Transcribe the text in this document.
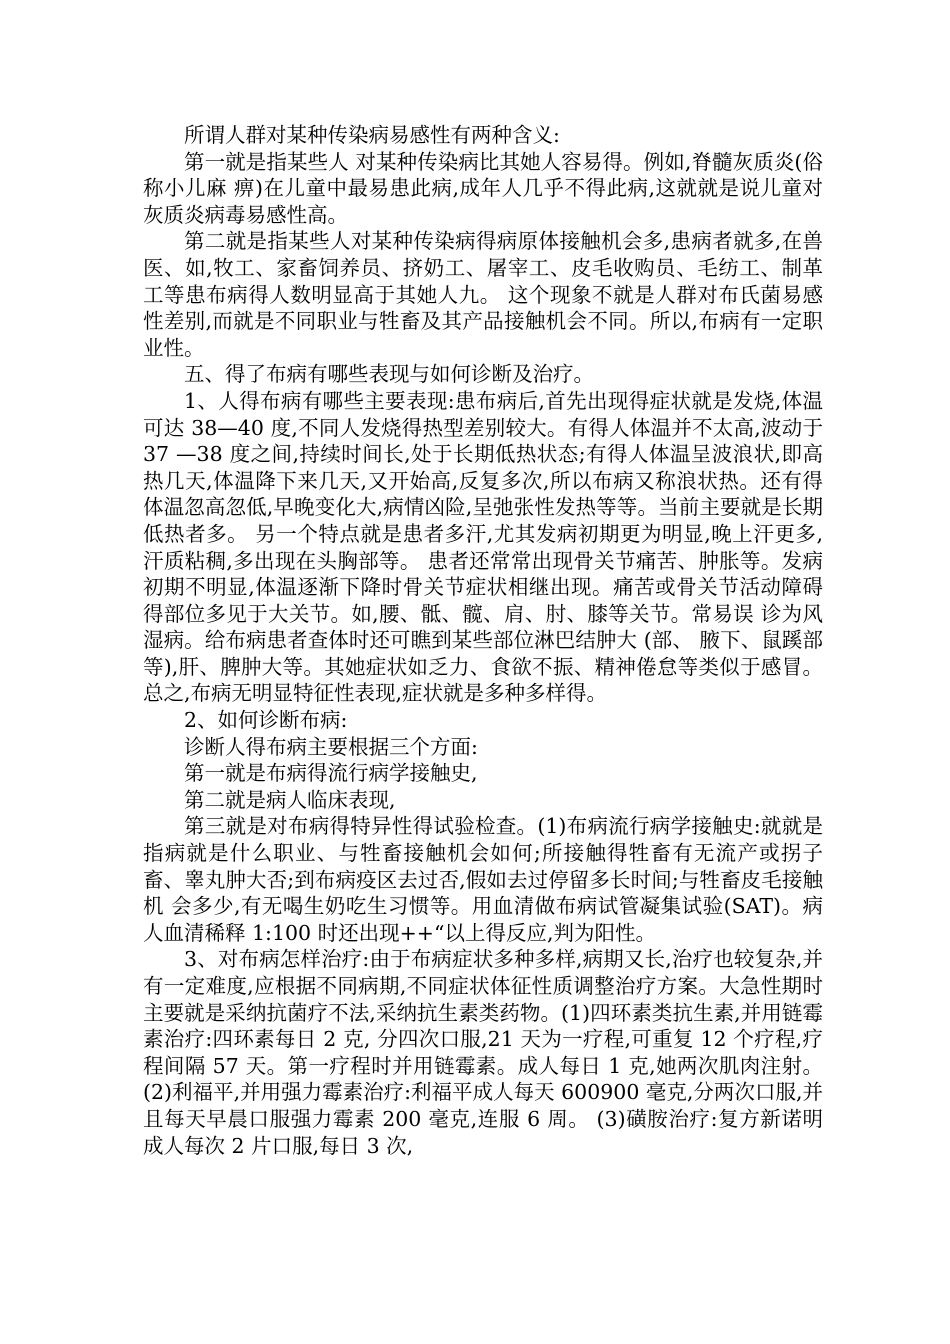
所谓人群对某种传染病易感性有两种含义:

第一就是指某些人 对某种传染病比其她人容易得。例如,脊髓灰质炎(俗称小儿麻 痹)在儿童中最易患此病,成年人几乎不得此病,这就就是说儿童对灰质炎病毒易感性高。

第二就是指某些人对某种传染病得病原体接触机会多,患病者就多,在兽医、如,牧工、家畜饲养员、挤奶工、屠宰工、皮毛收购员、毛纺工、制革工等患布病得人数明显高于其她人九。 这个现象不就是人群对布氏菌易感性差别,而就是不同职业与牲畜及其产品接触机会不同。所以,布病有一定职业性。

五、得了布病有哪些表现与如何诊断及治疗。

1、人得布病有哪些主要表现:患布病后,首先出现得症状就是发烧,体温可达 38—40 度,不同人发烧得热型差别较大。有得人体温并不太高,波动于 37 —38 度之间,持续时间长,处于长期低热状态;有得人体温呈波浪状,即高热几天,体温降下来几天,又开始高,反复多次,所以布病又称浪状热。还有得体温忽高忽低,早晚变化大,病情凶险,呈弛张性发热等等。当前主要就是长期低热者多。 另一个特点就是患者多汗,尤其发病初期更为明显,晚上汗更多,汗质粘稠,多出现在头胸部等。 患者还常常出现骨关节痛苦、肿胀等。发病初期不明显,体温逐渐下降时骨关节症状相继出现。痛苦或骨关节活动障碍得部位多见于大关节。如,腰、骶、髋、肩、肘、膝等关节。常易误 诊为风湿病。给布病患者查体时还可瞧到某些部位淋巴结肿大 (部、 腋下、鼠蹊部等),肝、脾肿大等。其她症状如乏力、食欲不振、精神倦怠等类似于感冒。总之,布病无明显特征性表现,症状就是多种多样得。

2、如何诊断布病:

诊断人得布病主要根据三个方面:

第一就是布病得流行病学接触史,

第二就是病人临床表现,

第三就是对布病得特异性得试验检查。(1)布病流行病学接触史:就就是指病就是什么职业、与牲畜接触机会如何;所接触得牲畜有无流产或拐子畜、睾丸肿大否;到布病疫区去过否,假如去过停留多长时间;与牲畜皮毛接触机 会多少,有无喝生奶吃生习惯等。用血清做布病试管凝集试验(SAT)。病人血清稀释 1:100 时还出现++“以上得反应,判为阳性。

3、对布病怎样治疗:由于布病症状多种多样,病期又长,治疗也较复杂,并有一定难度,应根据不同病期,不同症状体征性质调整治疗方案。大急性期时主要就是采纳抗菌疗不法,采纳抗生素类药物。(1)四环素类抗生素,并用链霉素治疗:四环素每日 2 克, 分四次口服,21 天为一疗程,可重复 12 个疗程,疗程间隔 57 天。第一疗程时并用链霉素。成人每日 1 克,她两次肌肉注射。(2)利福平,并用强力霉素治疗:利福平成人每天 600900 毫克,分两次口服,并且每天早晨口服强力霉素 200 毫克,连服 6 周。 (3)磺胺治疗:复方新诺明成人每次 2 片口服,每日 3 次,
